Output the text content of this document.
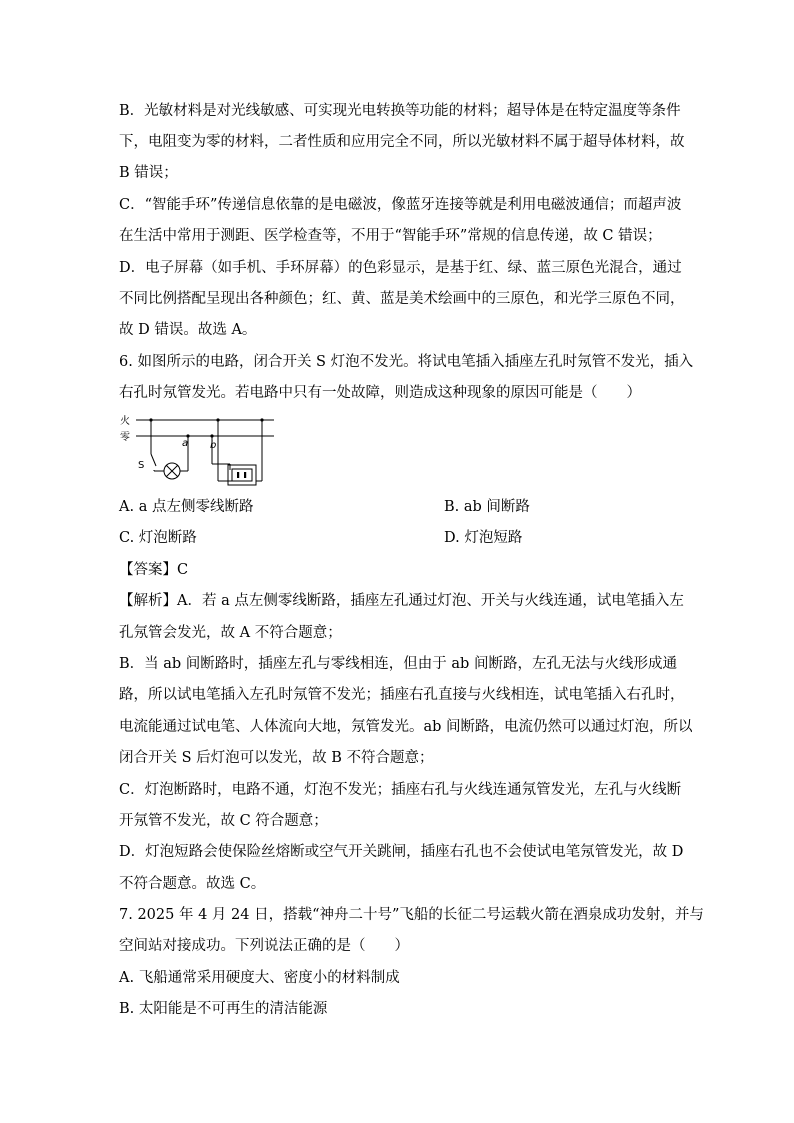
B．光敏材料是对光线敏感、可实现光电转换等功能的材料；超导体是在特定温度等条件
下，电阻变为零的材料，二者性质和应用完全不同，所以光敏材料不属于超导体材料，故
B 错误；
C．“智能手环”传递信息依靠的是电磁波，像蓝牙连接等就是利用电磁波通信；而超声波
在生活中常用于测距、医学检查等，不用于“智能手环”常规的信息传递，故 C 错误；
D．电子屏幕（如手机、手环屏幕）的色彩显示，是基于红、绿、蓝三原色光混合，通过
不同比例搭配呈现出各种颜色；红、黄、蓝是美术绘画中的三原色，和光学三原色不同，
故 D 错误。故选 A。
6. 如图所示的电路，闭合开关 S 灯泡不发光。将试电笔插入插座左孔时氖管不发光，插入
右孔时氖管发光。若电路中只有一处故障，则造成这种现象的原因可能是（　　）
火
零
S
a b
A. a 点左侧零线断路	B. ab 间断路
C. 灯泡断路	D. 灯泡短路
【答案】C
【解析】A．若 a 点左侧零线断路，插座左孔通过灯泡、开关与火线连通，试电笔插入左
孔氖管会发光，故 A 不符合题意；
B．当 ab 间断路时，插座左孔与零线相连，但由于 ab 间断路，左孔无法与火线形成通
路，所以试电笔插入左孔时氖管不发光；插座右孔直接与火线相连，试电笔插入右孔时，
电流能通过试电笔、人体流向大地，氖管发光。ab 间断路，电流仍然可以通过灯泡，所以
闭合开关 S 后灯泡可以发光，故 B 不符合题意；
C．灯泡断路时，电路不通，灯泡不发光；插座右孔与火线连通氖管发光，左孔与火线断
开氖管不发光，故 C 符合题意；
D．灯泡短路会使保险丝熔断或空气开关跳闸，插座右孔也不会使试电笔氖管发光，故 D
不符合题意。故选 C。
7. 2025 年 4 月 24 日，搭载“神舟二十号”飞船的长征二号运载火箭在酒泉成功发射，并与
空间站对接成功。下列说法正确的是（　　）
A. 飞船通常采用硬度大、密度小的材料制成
B. 太阳能是不可再生的清洁能源
